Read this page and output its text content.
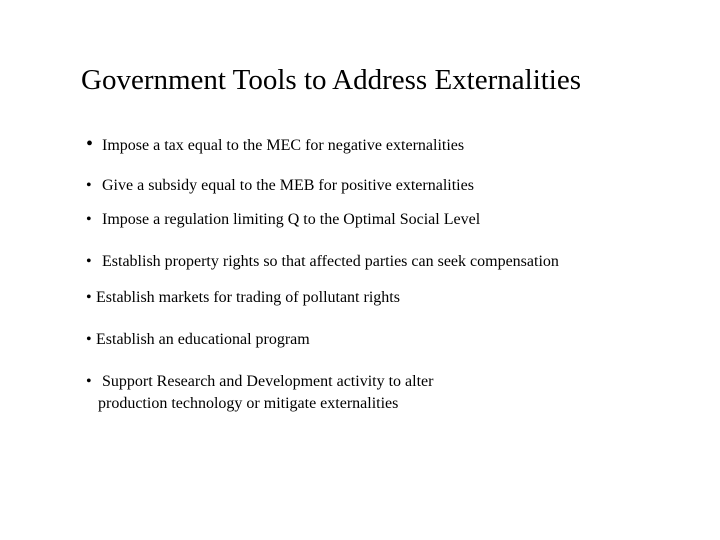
Government Tools to Address Externalities
• Impose a tax equal to the MEC for negative externalities
• Give a subsidy equal to the MEB for positive externalities
• Impose a regulation limiting Q to the Optimal Social Level
• Establish property rights so that affected parties can seek compensation
• Establish markets for trading of pollutant rights
• Establish an educational program
• Support Research and Development activity to alter
production technology or mitigate externalities
